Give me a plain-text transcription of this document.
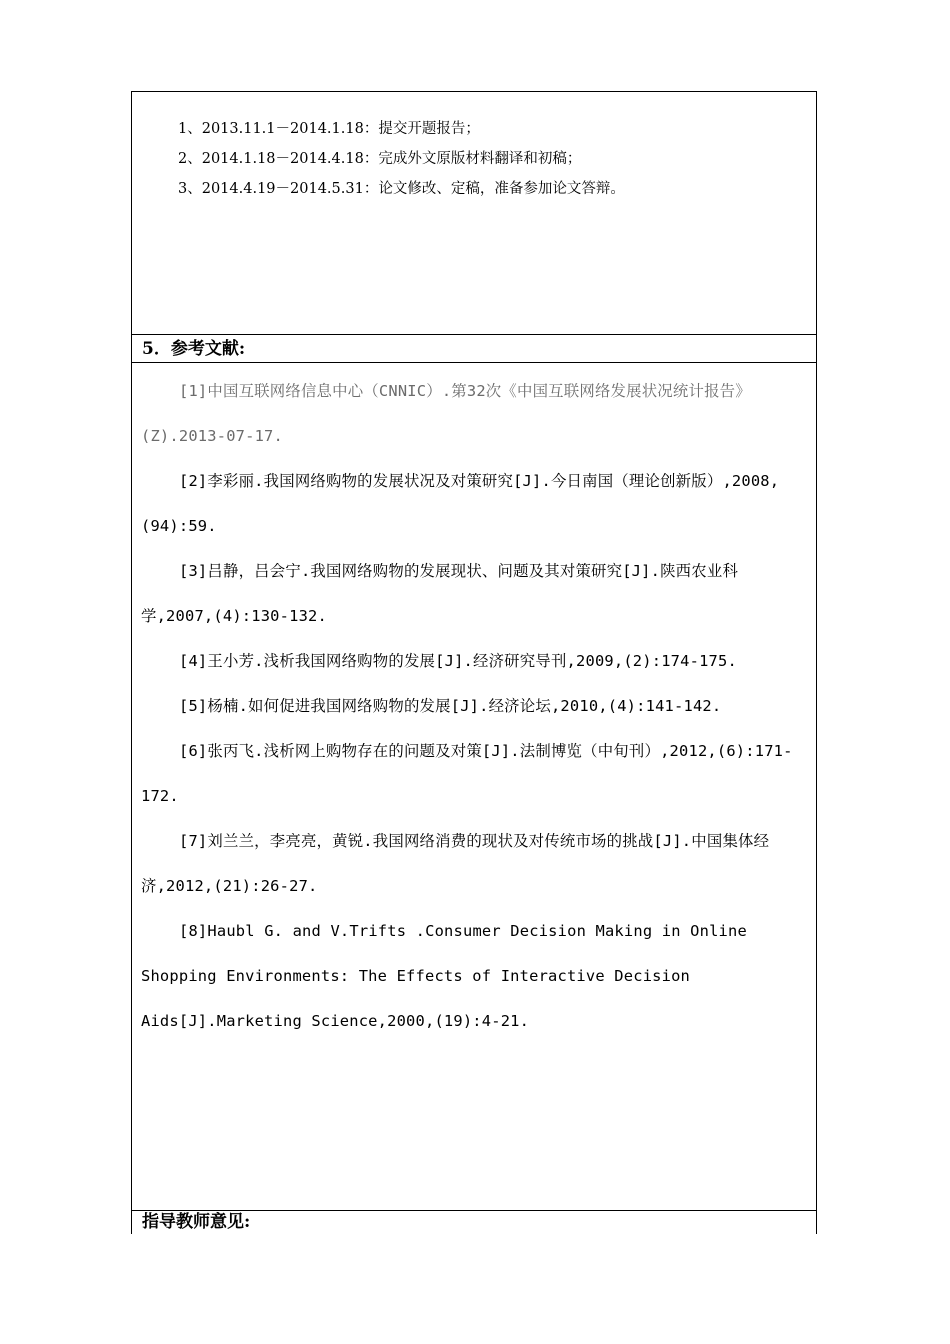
1、2013.11.1－2014.1.18：提交开题报告；
2、2014.1.18－2014.4.18：完成外文原版材料翻译和初稿；
3、2014.4.19－2014.5.31：论文修改、定稿，准备参加论文答辩。
5．参考文献:

[1]中国互联网络信息中心（CNNIC）.第32次《中国互联网络发展状况统计报告》(Z).2013-07-17.

[2]李彩丽.我国网络购物的发展状况及对策研究[J].今日南国（理论创新版）,2008,(94):59.

[3]吕静，吕会宁.我国网络购物的发展现状、问题及其对策研究[J].陕西农业科学,2007,(4):130-132.

[4]王小芳.浅析我国网络购物的发展[J].经济研究导刊,2009,(2):174-175.

[5]杨楠.如何促进我国网络购物的发展[J].经济论坛,2010,(4):141-142.

[6]张丙飞.浅析网上购物存在的问题及对策[J].法制博览（中旬刊）,2012,(6):171-172.

[7]刘兰兰，李亮亮，黄锐.我国网络消费的现状及对传统市场的挑战[J].中国集体经济,2012,(21):26-27.

[8]Haubl G. and V.Trifts .Consumer Decision Making in Online Shopping Environments: The Effects of Interactive Decision Aids[J].Marketing Science,2000,(19):4-21.

指导教师意见:
